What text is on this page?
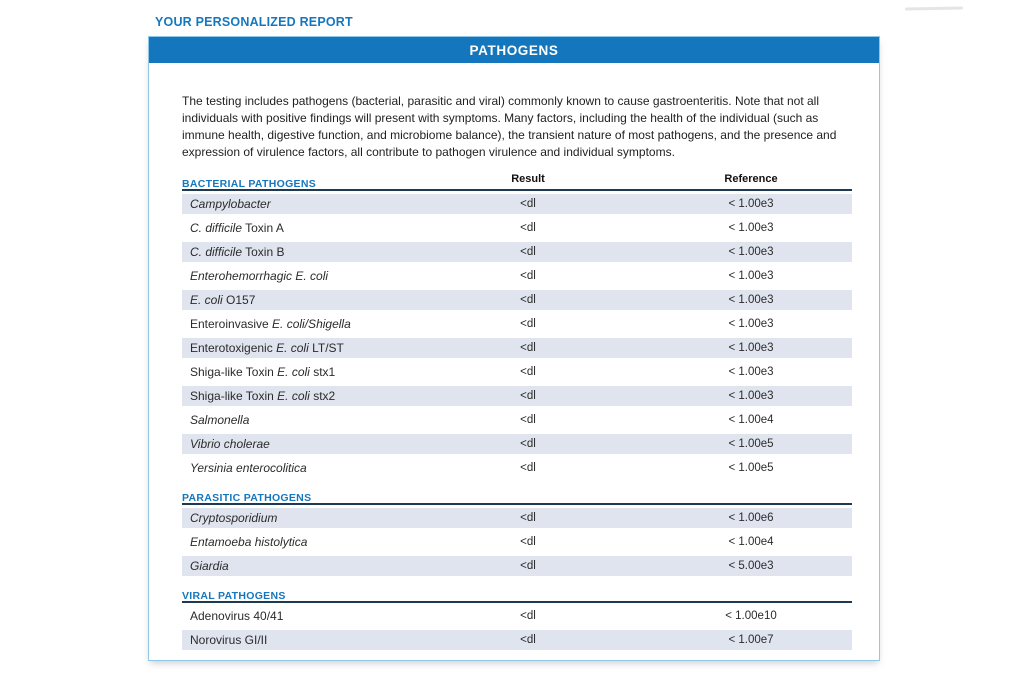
YOUR PERSONALIZED REPORT
PATHOGENS

The testing includes pathogens (bacterial, parasitic and viral) commonly known to cause gastroenteritis. Note that not all individuals with positive findings will present with symptoms. Many factors, including the health of the individual (such as immune health, digestive function, and microbiome balance), the transient nature of most pathogens, and the presence and expression of virulence factors, all contribute to pathogen virulence and individual symptoms.

BACTERIAL PATHOGENS	Result	Reference
Campylobacter	<dl	< 1.00e3
C. difficile Toxin A	<dl	< 1.00e3
C. difficile Toxin B	<dl	< 1.00e3
Enterohemorrhagic E. coli	<dl	< 1.00e3
E. coli O157	<dl	< 1.00e3
Enteroinvasive E. coli/Shigella	<dl	< 1.00e3
Enterotoxigenic E. coli LT/ST	<dl	< 1.00e3
Shiga-like Toxin E. coli stx1	<dl	< 1.00e3
Shiga-like Toxin E. coli stx2	<dl	< 1.00e3
Salmonella	<dl	< 1.00e4
Vibrio cholerae	<dl	< 1.00e5
Yersinia enterocolitica	<dl	< 1.00e5
PARASITIC PATHOGENS
Cryptosporidium	<dl	< 1.00e6
Entamoeba histolytica	<dl	< 1.00e4
Giardia	<dl	< 5.00e3
VIRAL PATHOGENS
Adenovirus 40/41	<dl	< 1.00e10
Norovirus GI/II	<dl	< 1.00e7
